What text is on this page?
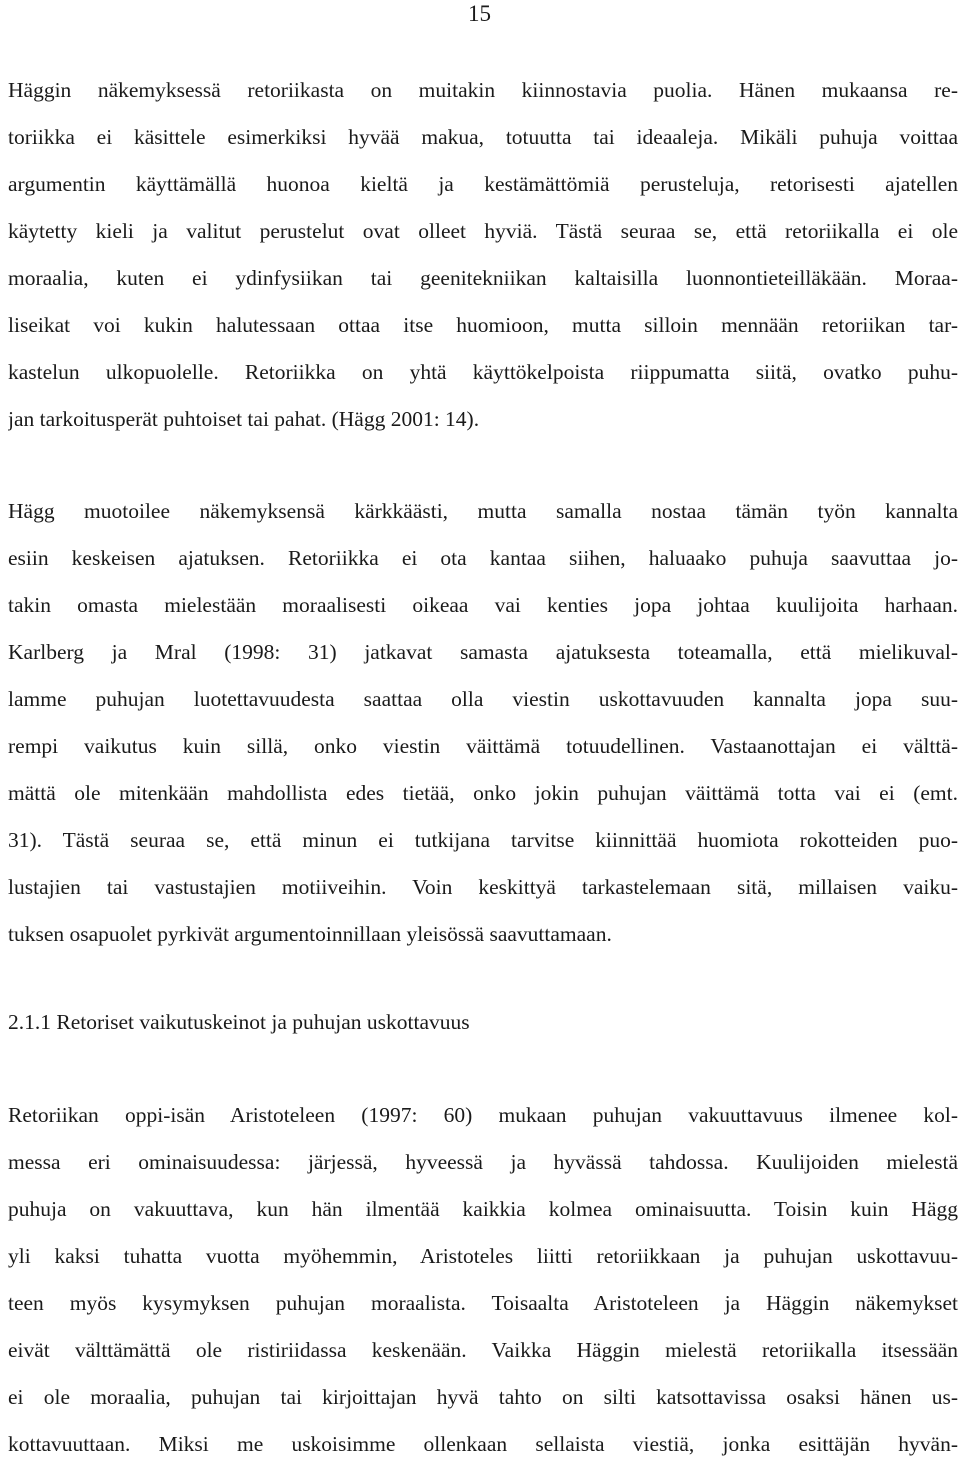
15
Häggin näkemyksessä retoriikasta on muitakin kiinnostavia puolia. Hänen mukaansa re-
toriikka ei käsittele esimerkiksi hyvää makua, totuutta tai ideaaleja. Mikäli puhuja voittaa
argumentin käyttämällä huonoa kieltä ja kestämättömiä perusteluja, retorisesti ajatellen
käytetty kieli ja valitut perustelut ovat olleet hyviä. Tästä seuraa se, että retoriikalla ei ole
moraalia, kuten ei ydinfysiikan tai geenitekniikan kaltaisilla luonnontieteilläkään. Moraa-
liseikat voi kukin halutessaan ottaa itse huomioon, mutta silloin mennään retoriikan tar-
kastelun ulkopuolelle. Retoriikka on yhtä käyttökelpoista riippumatta siitä, ovatko puhu-
jan tarkoitusperät puhtoiset tai pahat. (Hägg 2001: 14).
Hägg muotoilee näkemyksensä kärkkäästi, mutta samalla nostaa tämän työn kannalta
esiin keskeisen ajatuksen. Retoriikka ei ota kantaa siihen, haluaako puhuja saavuttaa jo-
takin omasta mielestään moraalisesti oikeaa vai kenties jopa johtaa kuulijoita harhaan.
Karlberg ja Mral (1998: 31) jatkavat samasta ajatuksesta toteamalla, että mielikuval-
lamme puhujan luotettavuudesta saattaa olla viestin uskottavuuden kannalta jopa suu-
rempi vaikutus kuin sillä, onko viestin väittämä totuudellinen. Vastaanottajan ei välttä-
mättä ole mitenkään mahdollista edes tietää, onko jokin puhujan väittämä totta vai ei (emt.
31). Tästä seuraa se, että minun ei tutkijana tarvitse kiinnittää huomiota rokotteiden puo-
lustajien tai vastustajien motiiveihin. Voin keskittyä tarkastelemaan sitä, millaisen vaiku-
tuksen osapuolet pyrkivät argumentoinnillaan yleisössä saavuttamaan.
2.1.1 Retoriset vaikutuskeinot ja puhujan uskottavuus
Retoriikan oppi-isän Aristoteleen (1997: 60) mukaan puhujan vakuuttavuus ilmenee kol-
messa eri ominaisuudessa: järjessä, hyveessä ja hyvässä tahdossa. Kuulijoiden mielestä
puhuja on vakuuttava, kun hän ilmentää kaikkia kolmea ominaisuutta. Toisin kuin Hägg
yli kaksi tuhatta vuotta myöhemmin, Aristoteles liitti retoriikkaan ja puhujan uskottavuu-
teen myös kysymyksen puhujan moraalista. Toisaalta Aristoteleen ja Häggin näkemykset
eivät välttämättä ole ristiriidassa keskenään. Vaikka Häggin mielestä retoriikalla itsessään
ei ole moraalia, puhujan tai kirjoittajan hyvä tahto on silti katsottavissa osaksi hänen us-
kottavuuttaan. Miksi me uskoisimme ollenkaan sellaista viestiä, jonka esittäjän hyvän-
